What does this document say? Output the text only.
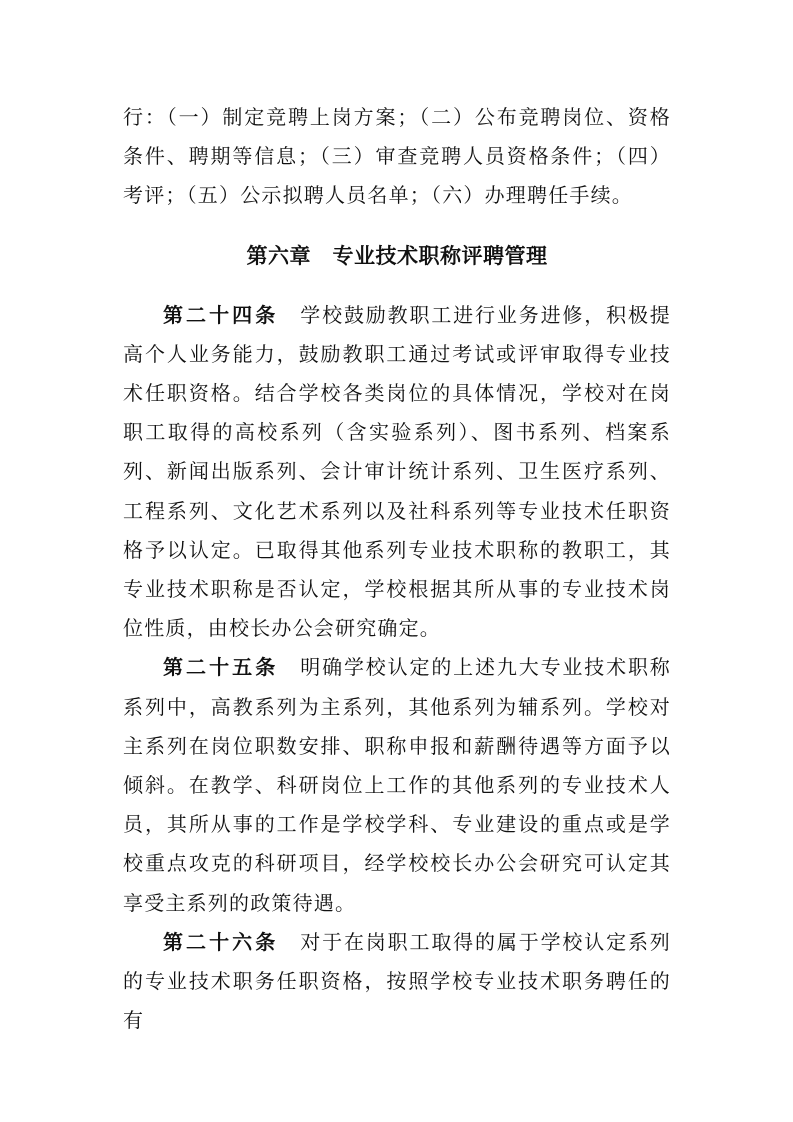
行：（一）制定竞聘上岗方案；（二）公布竞聘岗位、资格条件、聘期等信息；（三）审查竞聘人员资格条件；（四）考评；（五）公示拟聘人员名单；（六）办理聘任手续。

第六章　专业技术职称评聘管理

第二十四条 学校鼓励教职工进行业务进修，积极提高个人业务能力，鼓励教职工通过考试或评审取得专业技术任职资格。结合学校各类岗位的具体情况，学校对在岗职工取得的高校系列（含实验系列）、图书系列、档案系列、新闻出版系列、会计审计统计系列、卫生医疗系列、工程系列、文化艺术系列以及社科系列等专业技术任职资格予以认定。已取得其他系列专业技术职称的教职工，其专业技术职称是否认定，学校根据其所从事的专业技术岗位性质，由校长办公会研究确定。

第二十五条 明确学校认定的上述九大专业技术职称系列中，高教系列为主系列，其他系列为辅系列。学校对主系列在岗位职数安排、职称申报和薪酬待遇等方面予以倾斜。在教学、科研岗位上工作的其他系列的专业技术人员，其所从事的工作是学校学科、专业建设的重点或是学校重点攻克的科研项目，经学校校长办公会研究可认定其享受主系列的政策待遇。

第二十六条 对于在岗职工取得的属于学校认定系列的专业技术职务任职资格，按照学校专业技术职务聘任的有
